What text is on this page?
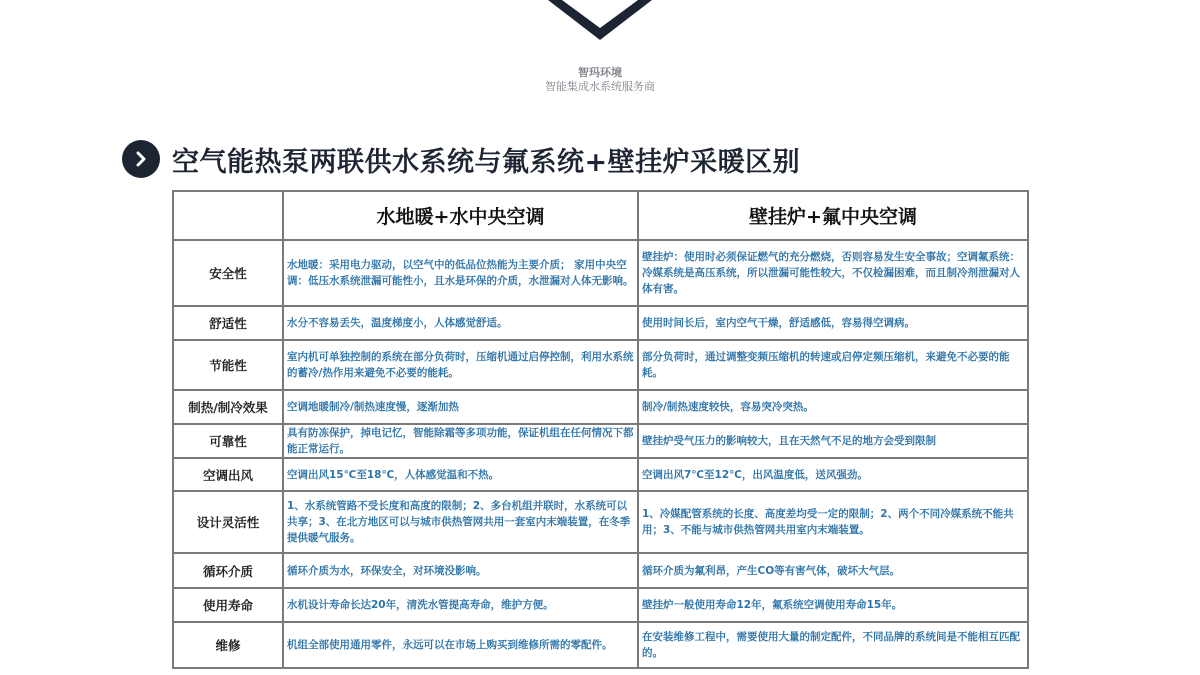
智玛环境
智能集成水系统服务商
空气能热泵两联供水系统与氟系统+壁挂炉采暖区别
	水地暖+水中央空调	壁挂炉+氟中央空调
安全性	水地暖：采用电力驱动，以空气中的低品位热能为主要介质； 家用中央空调：低压水系统泄漏可能性小，且水是环保的介质，水泄漏对人体无影响。	壁挂炉：使用时必须保证燃气的充分燃烧，否则容易发生安全事故；空调氟系统：冷媒系统是高压系统，所以泄漏可能性较大，不仅检漏困难，而且制冷剂泄漏对人体有害。
舒适性	水分不容易丢失，温度梯度小，人体感觉舒适。	使用时间长后，室内空气干燥，舒适感低，容易得空调病。
节能性	室内机可单独控制的系统在部分负荷时，压缩机通过启停控制，利用水系统的蓄冷/热作用来避免不必要的能耗。	部分负荷时，通过调整变频压缩机的转速或启停定频压缩机，来避免不必要的能耗。
制热/制冷效果	空调地暖制冷/制热速度慢，逐渐加热	制冷/制热速度较快，容易突冷突热。
可靠性	具有防冻保护，掉电记忆，智能除霜等多项功能，保证机组在任何情况下都能正常运行。	壁挂炉受气压力的影响较大，且在天然气不足的地方会受到限制
空调出风	空调出风15℃至18℃，人体感觉温和不热。	空调出风7℃至12℃，出风温度低，送风强劲。
设计灵活性	1、水系统管路不受长度和高度的限制；2、多台机组并联时，水系统可以共享；3、在北方地区可以与城市供热管网共用一套室内末端装置，在冬季提供暖气服务。	1、冷媒配管系统的长度、高度差均受一定的限制；2、两个不同冷媒系统不能共用；3、不能与城市供热管网共用室内末端装置。
循环介质	循环介质为水，环保安全，对环境没影响。	循环介质为氟利昂，产生CO等有害气体，破坏大气层。
使用寿命	水机设计寿命长达20年，清洗水管提高寿命，维护方便。	壁挂炉一般使用寿命12年，氟系统空调使用寿命15年。
维修	机组全部使用通用零件，永远可以在市场上购买到维修所需的零配件。	在安装维修工程中，需要使用大量的制定配件，不同品牌的系统间是不能相互匹配的。
